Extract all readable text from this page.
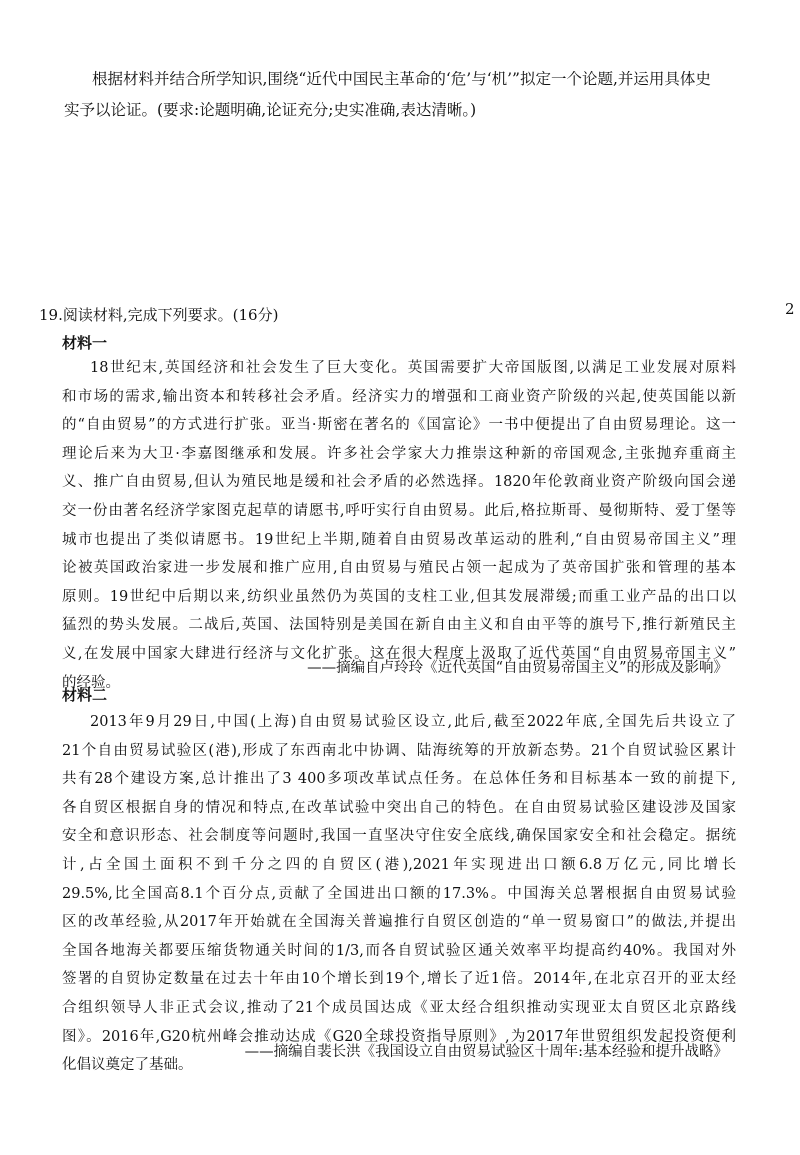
根据材料并结合所学知识,围绕“近代中国民主革命的‘危’与‘机’”拟定一个论题,并运用具体史
实予以论证。(要求:论题明确,论证充分;史实准确,表达清晰。)
2

19.阅读材料,完成下列要求。(16分)

材料一

18世纪末,英国经济和社会发生了巨大变化。英国需要扩大帝国版图,以满足工业发展对原料
和市场的需求,输出资本和转移社会矛盾。经济实力的增强和工商业资产阶级的兴起,使英国能以新
的“自由贸易”的方式进行扩张。亚当·斯密在著名的《国富论》一书中便提出了自由贸易理论。这一
理论后来为大卫·李嘉图继承和发展。许多社会学家大力推崇这种新的帝国观念,主张抛弃重商主
义、推广自由贸易,但认为殖民地是缓和社会矛盾的必然选择。1820年伦敦商业资产阶级向国会递
交一份由著名经济学家图克起草的请愿书,呼吁实行自由贸易。此后,格拉斯哥、曼彻斯特、爱丁堡等
城市也提出了类似请愿书。19世纪上半期,随着自由贸易改革运动的胜利,“自由贸易帝国主义”理
论被英国政治家进一步发展和推广应用,自由贸易与殖民占领一起成为了英帝国扩张和管理的基本
原则。19世纪中后期以来,纺织业虽然仍为英国的支柱工业,但其发展滞缓;而重工业产品的出口以
猛烈的势头发展。二战后,英国、法国特别是美国在新自由主义和自由平等的旗号下,推行新殖民主
义,在发展中国家大肆进行经济与文化扩张。这在很大程度上汲取了近代英国“自由贸易帝国主义”
的经验。

——摘编自卢玲玲《近代英国“自由贸易帝国主义”的形成及影响》

材料二

2013年9月29日,中国(上海)自由贸易试验区设立,此后,截至2022年底,全国先后共设立了
21个自由贸易试验区(港),形成了东西南北中协调、陆海统筹的开放新态势。21个自贸试验区累计
共有28个建设方案,总计推出了3 400多项改革试点任务。在总体任务和目标基本一致的前提下,
各自贸区根据自身的情况和特点,在改革试验中突出自己的特色。在自由贸易试验区建设涉及国家
安全和意识形态、社会制度等问题时,我国一直坚决守住安全底线,确保国家安全和社会稳定。据统
计,占全国土面积不到千分之四的自贸区(港),2021年实现进出口额6.8万亿元,同比增长
29.5%,比全国高8.1个百分点,贡献了全国进出口额的17.3%。中国海关总署根据自由贸易试验
区的改革经验,从2017年开始就在全国海关普遍推行自贸区创造的“单一贸易窗口”的做法,并提出
全国各地海关都要压缩货物通关时间的1/3,而各自贸试验区通关效率平均提高约40%。我国对外
签署的自贸协定数量在过去十年由10个增长到19个,增长了近1倍。2014年,在北京召开的亚太经
合组织领导人非正式会议,推动了21个成员国达成《亚太经合组织推动实现亚太自贸区北京路线
图》。2016年,G20杭州峰会推动达成《G20全球投资指导原则》,为2017年世贸组织发起投资便利
化倡议奠定了基础。

——摘编自裴长洪《我国设立自由贸易试验区十周年:基本经验和提升战略》
